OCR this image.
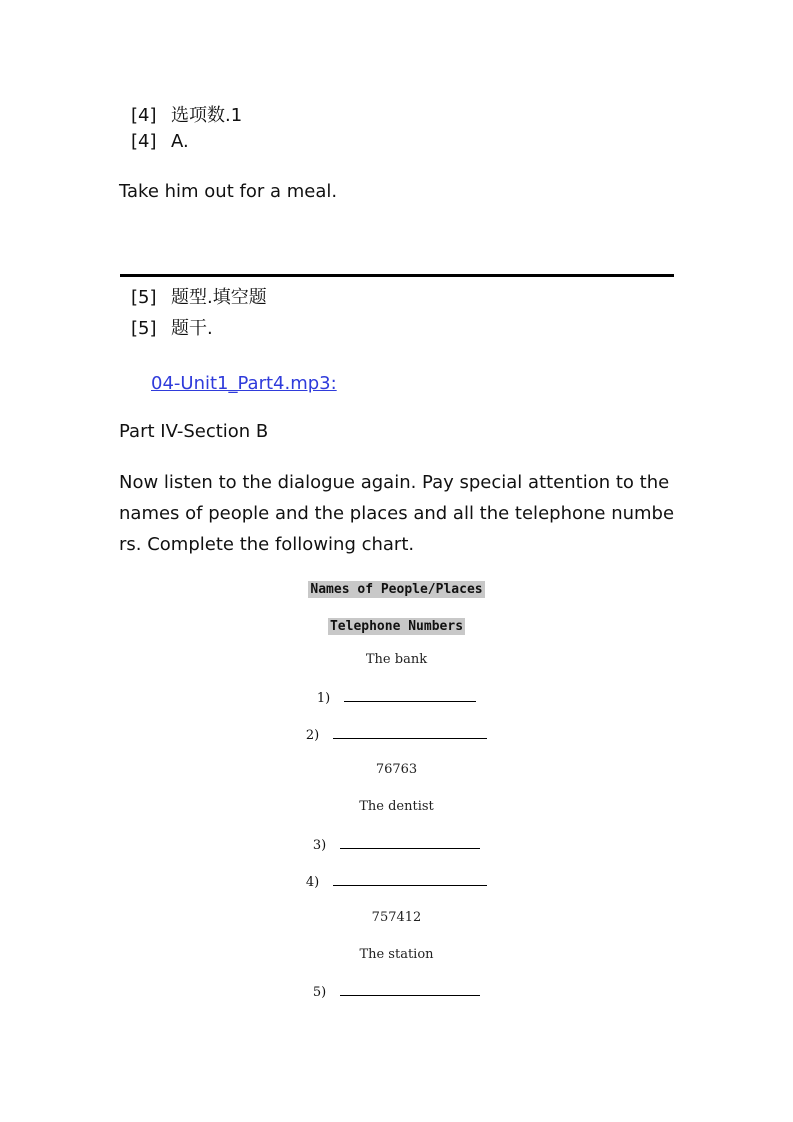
[4] 选项数.1
[4] A.
Take him out for a meal.
[5] 题型.填空题
[5] 题干.
04-Unit1_Part4.mp3:
Part IV-Section B
Now listen to the dialogue again. Pay special attention to the names of people and the places and all the telephone numbers. Complete the following chart.
Names of People/Places
Telephone Numbers
The bank
1)
2)
76763
The dentist
3)
4)
757412
The station
5)
